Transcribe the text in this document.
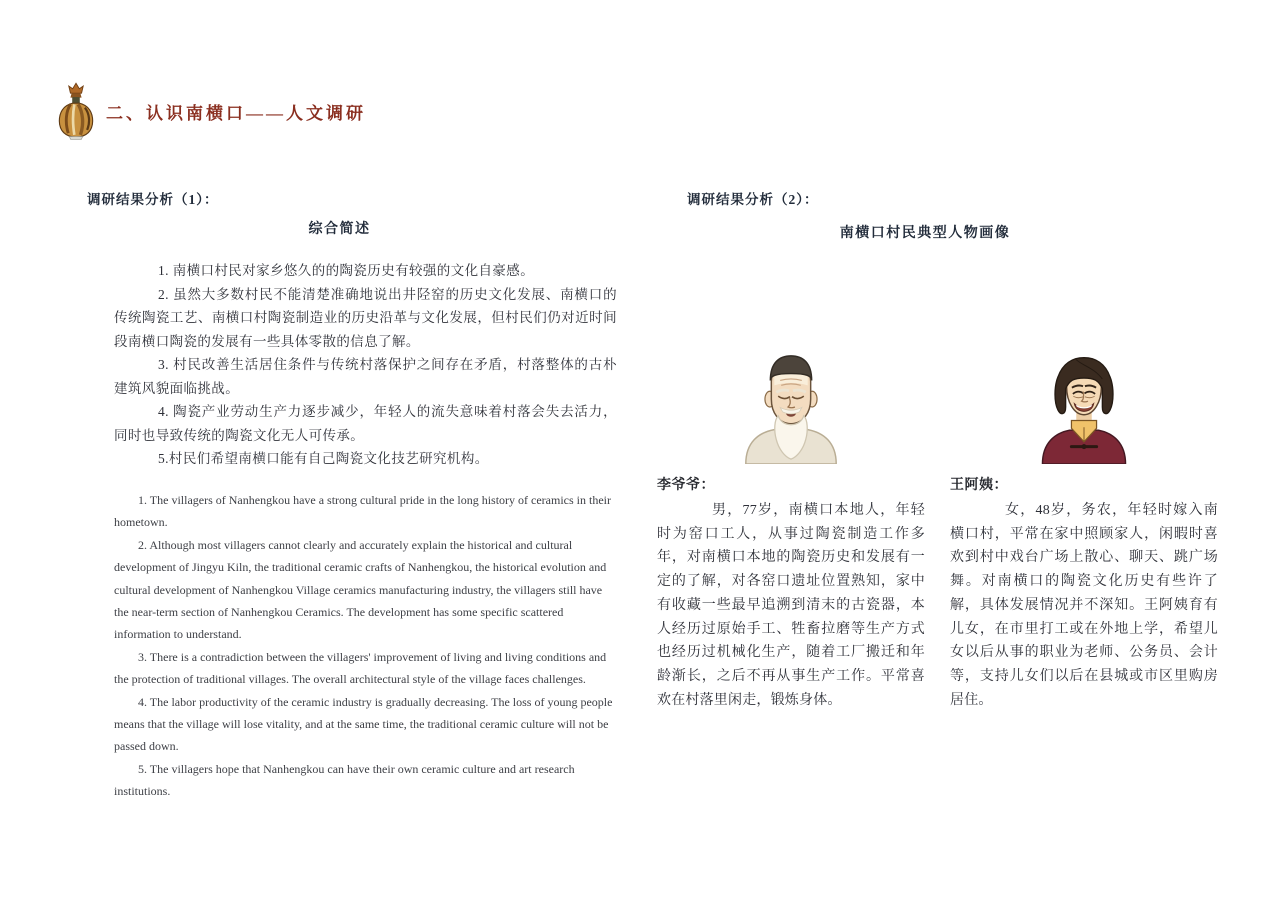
二、认识南横口——人文调研
调研结果分析（1）：
综合简述

1. 南横口村民对家乡悠久的的陶瓷历史有较强的文化自豪感。

2. 虽然大多数村民不能清楚准确地说出井陉窑的历史文化发展、南横口的传统陶瓷工艺、南横口村陶瓷制造业的历史沿革与文化发展，但村民们仍对近时间段南横口陶瓷的发展有一些具体零散的信息了解。

3. 村民改善生活居住条件与传统村落保护之间存在矛盾，村落整体的古朴建筑风貌面临挑战。

4. 陶瓷产业劳动生产力逐步减少，年轻人的流失意味着村落会失去活力，同时也导致传统的陶瓷文化无人可传承。

5.村民们希望南横口能有自己陶瓷文化技艺研究机构。

1. The villagers of Nanhengkou have a strong cultural pride in the long history of ceramics in their hometown.

2. Although most villagers cannot clearly and accurately explain the historical and cultural development of Jingyu Kiln, the traditional ceramic crafts of Nanhengkou, the historical evolution and cultural development of Nanhengkou Village ceramics manufacturing industry, the villagers still have the near-term section of Nanhengkou Ceramics. The development has some specific scattered information to understand.

3. There is a contradiction between the villagers' improvement of living and living conditions and the protection of traditional villages. The overall architectural style of the village faces challenges.

4. The labor productivity of the ceramic industry is gradually decreasing. The loss of young people means that the village will lose vitality, and at the same time, the traditional ceramic culture will not be passed down.

5. The villagers hope that Nanhengkou can have their own ceramic culture and art research institutions.

调研结果分析（2）：
南横口村民典型人物画像
李爷爷：
男，77岁，南横口本地人，年轻时为窑口工人，从事过陶瓷制造工作多年，对南横口本地的陶瓷历史和发展有一定的了解，对各窑口遗址位置熟知，家中有收藏一些最早追溯到清末的古瓷器，本人经历过原始手工、牲畜拉磨等生产方式也经历过机械化生产，随着工厂搬迁和年龄渐长，之后不再从事生产工作。平常喜欢在村落里闲走，锻炼身体。
王阿姨：
女，48岁，务农，年轻时嫁入南横口村，平常在家中照顾家人，闲暇时喜欢到村中戏台广场上散心、聊天、跳广场舞。对南横口的陶瓷文化历史有些许了解，具体发展情况并不深知。王阿姨育有儿女，在市里打工或在外地上学，希望儿女以后从事的职业为老师、公务员、会计等，支持儿女们以后在县城或市区里购房居住。
